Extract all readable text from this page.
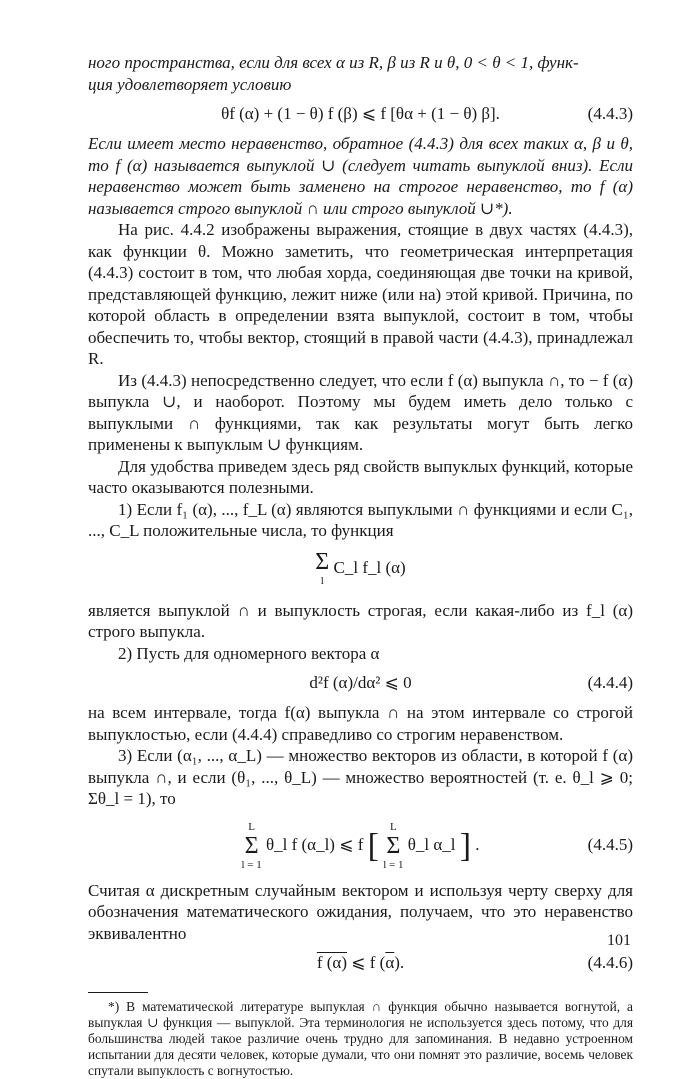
ного пространства, если для всех α из R, β из R и θ, 0 < θ < 1, функ-

ция удовлетворяет условию

θf (α) + (1 − θ) f (β) ⩽ f [θα + (1 − θ) β].	(4.4.3)

Если имеет место неравенство, обратное (4.4.3) для всех таких α, β и θ, то f (α) называется выпуклой ∪ (следует читать выпуклой вниз). Если неравенство может быть заменено на строгое неравенство, то f (α) называется строго выпуклой ∩ или строго выпуклой ∪*).

На рис. 4.4.2 изображены выражения, стоящие в двух частях (4.4.3), как функции θ. Можно заметить, что геометрическая интерпретация (4.4.3) состоит в том, что любая хорда, соединяющая две точки на кривой, представляющей функцию, лежит ниже (или на) этой кривой. Причина, по которой область в определении взята выпуклой, состоит в том, чтобы обеспечить то, чтобы вектор, стоящий в правой части (4.4.3), принадлежал R.

Из (4.4.3) непосредственно следует, что если f (α) выпукла ∩, то − f (α) выпукла ∪, и наоборот. Поэтому мы будем иметь дело только с выпуклыми ∩ функциями, так как результаты могут быть легко применены к выпуклым ∪ функциям.

Для удобства приведем здесь ряд свойств выпуклых функций, которые часто оказываются полезными.

1) Если f₁ (α), ..., f_L (α) являются выпуклыми ∩ функциями и если C₁, ..., C_L положительные числа, то функция

Σ
l
C_l f_l (α)

является выпуклой ∩ и выпуклость строгая, если какая-либо из f_l (α) строго выпукла.

2) Пусть для одномерного вектора α

d²f (α)/dα² ⩽ 0	(4.4.4)

на всем интервале, тогда f(α) выпукла ∩ на этом интервале со строгой выпуклостью, если (4.4.4) справедливо со строгим неравенством.

3) Если (α₁, ..., α_L) — множество векторов из области, в которой f (α) выпукла ∩, и если (θ₁, ..., θ_L) — множество вероятностей (т. е. θ_l ⩾ 0; Σθ_l = 1), то

L
Σ
l = 1
θ_l f (α_l) ⩽ f [
L
Σ
l = 1
θ_l α_l ] .	(4.4.5)

Считая α дискретным случайным вектором и используя черту сверху для обозначения математического ожидания, получаем, что это неравенство эквивалентно

f (α) ⩽ f $(\overline{\alpha})$.	(4.4.6)

*) В математической литературе выпуклая ∩ функция обычно называется вогнутой, а выпуклая ∪ функция — выпуклой. Эта терминология не используется здесь потому, что для большинства людей такое различие очень трудно для запоминания. В недавно устроенном испытании для десяти человек, которые думали, что они помнят это различие, восемь человек спутали выпуклость с вогнутостью.

101
